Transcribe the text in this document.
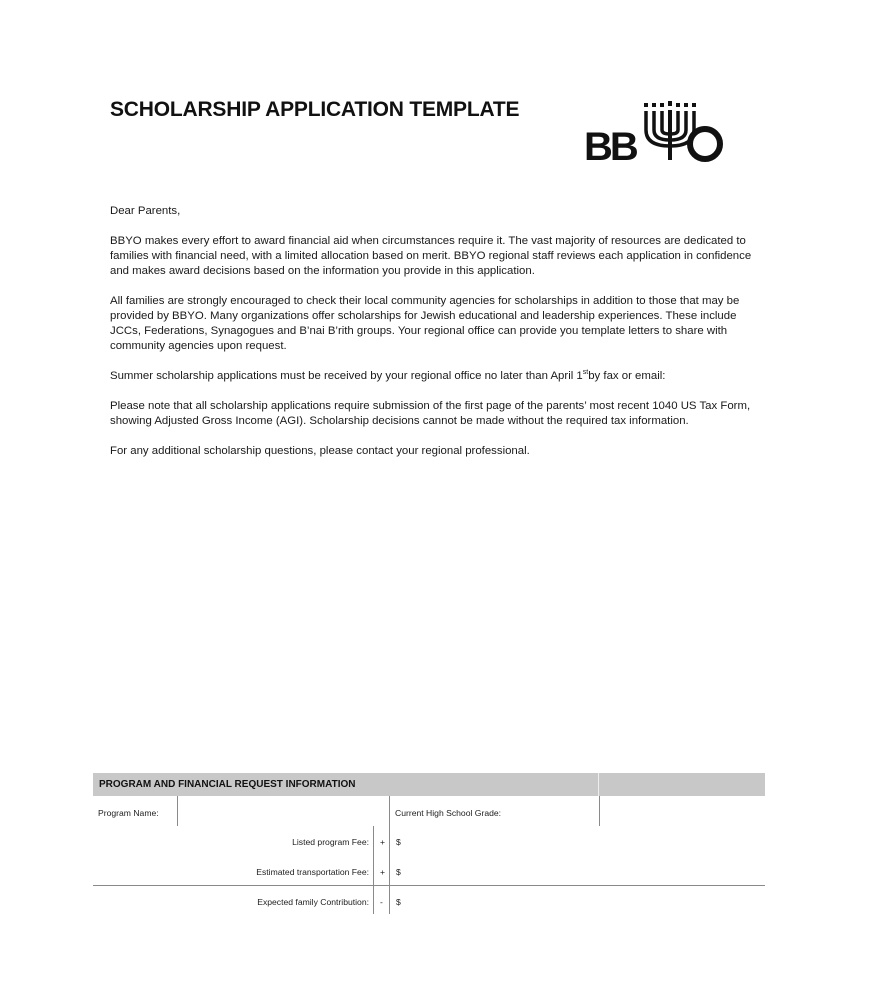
SCHOLARSHIP APPLICATION TEMPLATE
BB

Dear Parents,

BBYO makes every effort to award financial aid when circumstances require it. The vast majority of resources are dedicated to families with financial need, with a limited allocation based on merit. BBYO regional staff reviews each application in confidence and makes award decisions based on the information you provide in this application.

All families are strongly encouraged to check their local community agencies for scholarships in addition to those that may be provided by BBYO. Many organizations offer scholarships for Jewish educational and leadership experiences. These include JCCs, Federations, Synagogues and B’nai B’rith groups. Your regional office can provide you template letters to share with community agencies upon request.

Summer scholarship applications must be received by your regional office no later than April 1stby fax or email:

Please note that all scholarship applications require submission of the first page of the parents’ most recent 1040 US Tax Form, showing Adjusted Gross Income (AGI). Scholarship decisions cannot be made without the required tax information.

For any additional scholarship questions, please contact your regional professional.

PROGRAM AND FINANCIAL REQUEST INFORMATION
Program Name:	Current High School Grade:
Listed program Fee: + $
Estimated transportation Fee: + $
Expected family Contribution: - $
